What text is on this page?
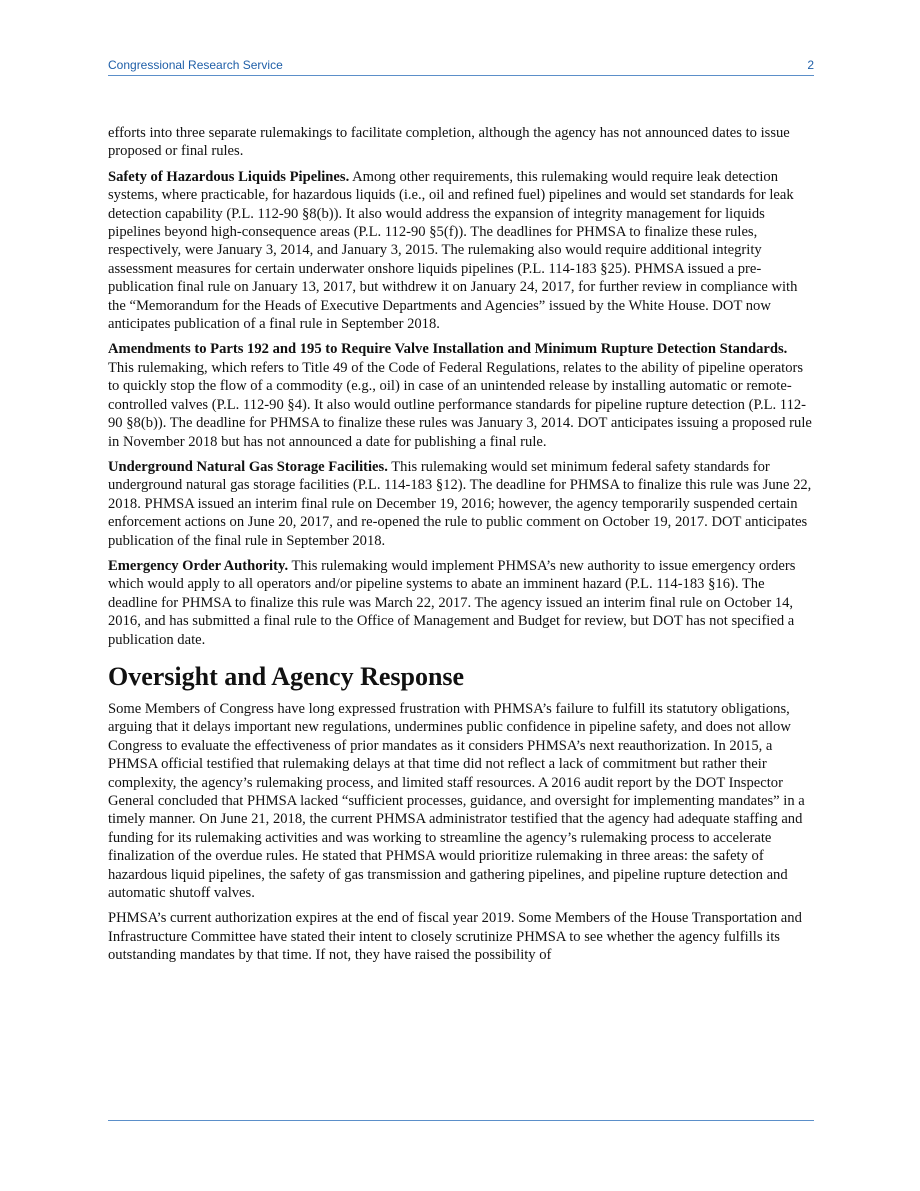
Congressional Research Service	2

efforts into three separate rulemakings to facilitate completion, although the agency has not announced dates to issue proposed or final rules.

Safety of Hazardous Liquids Pipelines. Among other requirements, this rulemaking would require leak detection systems, where practicable, for hazardous liquids (i.e., oil and refined fuel) pipelines and would set standards for leak detection capability (P.L. 112-90 §8(b)). It also would address the expansion of integrity management for liquids pipelines beyond high-consequence areas (P.L. 112-90 §5(f)). The deadlines for PHMSA to finalize these rules, respectively, were January 3, 2014, and January 3, 2015. The rulemaking also would require additional integrity assessment measures for certain underwater onshore liquids pipelines (P.L. 114-183 §25). PHMSA issued a pre-publication final rule on January 13, 2017, but withdrew it on January 24, 2017, for further review in compliance with the “Memorandum for the Heads of Executive Departments and Agencies” issued by the White House. DOT now anticipates publication of a final rule in September 2018.

Amendments to Parts 192 and 195 to Require Valve Installation and Minimum Rupture Detection Standards. This rulemaking, which refers to Title 49 of the Code of Federal Regulations, relates to the ability of pipeline operators to quickly stop the flow of a commodity (e.g., oil) in case of an unintended release by installing automatic or remote-controlled valves (P.L. 112-90 §4). It also would outline performance standards for pipeline rupture detection (P.L. 112-90 §8(b)). The deadline for PHMSA to finalize these rules was January 3, 2014. DOT anticipates issuing a proposed rule in November 2018 but has not announced a date for publishing a final rule.

Underground Natural Gas Storage Facilities. This rulemaking would set minimum federal safety standards for underground natural gas storage facilities (P.L. 114-183 §12). The deadline for PHMSA to finalize this rule was June 22, 2018. PHMSA issued an interim final rule on December 19, 2016; however, the agency temporarily suspended certain enforcement actions on June 20, 2017, and re-opened the rule to public comment on October 19, 2017. DOT anticipates publication of the final rule in September 2018.

Emergency Order Authority. This rulemaking would implement PHMSA’s new authority to issue emergency orders which would apply to all operators and/or pipeline systems to abate an imminent hazard (P.L. 114-183 §16). The deadline for PHMSA to finalize this rule was March 22, 2017. The agency issued an interim final rule on October 14, 2016, and has submitted a final rule to the Office of Management and Budget for review, but DOT has not specified a publication date.

Oversight and Agency Response

Some Members of Congress have long expressed frustration with PHMSA’s failure to fulfill its statutory obligations, arguing that it delays important new regulations, undermines public confidence in pipeline safety, and does not allow Congress to evaluate the effectiveness of prior mandates as it considers PHMSA’s next reauthorization. In 2015, a PHMSA official testified that rulemaking delays at that time did not reflect a lack of commitment but rather their complexity, the agency’s rulemaking process, and limited staff resources. A 2016 audit report by the DOT Inspector General concluded that PHMSA lacked “sufficient processes, guidance, and oversight for implementing mandates” in a timely manner. On June 21, 2018, the current PHMSA administrator testified that the agency had adequate staffing and funding for its rulemaking activities and was working to streamline the agency’s rulemaking process to accelerate finalization of the overdue rules. He stated that PHMSA would prioritize rulemaking in three areas: the safety of hazardous liquid pipelines, the safety of gas transmission and gathering pipelines, and pipeline rupture detection and automatic shutoff valves.

PHMSA’s current authorization expires at the end of fiscal year 2019. Some Members of the House Transportation and Infrastructure Committee have stated their intent to closely scrutinize PHMSA to see whether the agency fulfills its outstanding mandates by that time. If not, they have raised the possibility of
